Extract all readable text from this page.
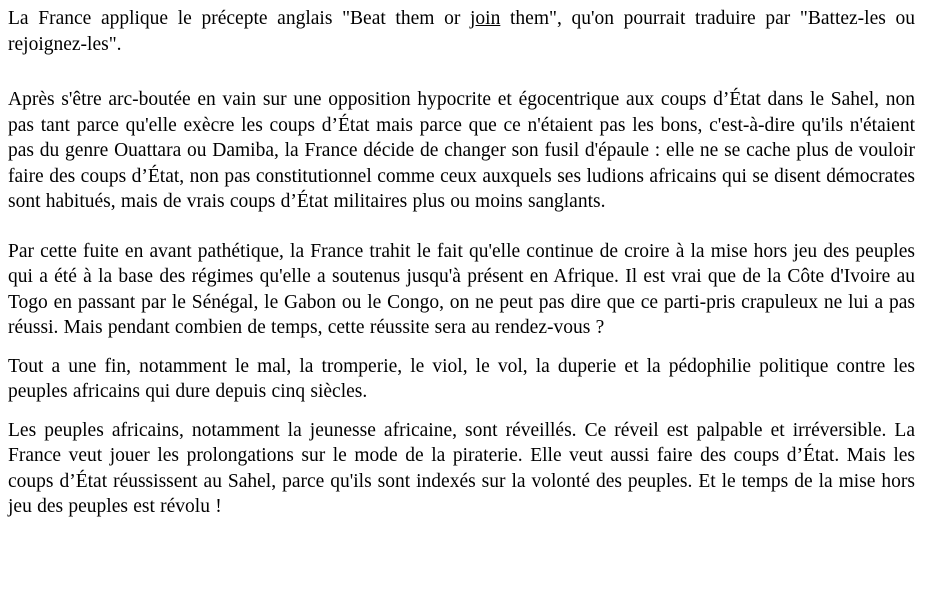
La France applique le précepte anglais "Beat them or join them", qu'on pourrait traduire par "Battez-les ou rejoignez-les".

Après s'être arc-boutée en vain sur une opposition hypocrite et égocentrique aux coups d’État dans le Sahel, non pas tant parce qu'elle exècre les coups d’État mais parce que ce n'étaient pas les bons, c'est-à-dire qu'ils n'étaient pas du genre Ouattara ou Damiba, la France décide de changer son fusil d'épaule : elle ne se cache plus de vouloir faire des coups d’État, non pas constitutionnel comme ceux auxquels ses ludions africains qui se disent démocrates sont habitués, mais de vrais coups d’État militaires plus ou moins sanglants.

Par cette fuite en avant pathétique, la France trahit le fait qu'elle continue de croire à la mise hors jeu des peuples qui a été à la base des régimes qu'elle a soutenus jusqu'à présent en Afrique. Il est vrai que de la Côte d'Ivoire au Togo en passant par le Sénégal, le Gabon ou le Congo, on ne peut pas dire que ce parti-pris crapuleux ne lui a pas réussi. Mais pendant combien de temps, cette réussite sera au rendez-vous ?

Tout a une fin, notamment le mal, la tromperie, le viol, le vol, la duperie et la pédophilie politique contre les peuples africains qui dure depuis cinq siècles.

Les peuples africains, notamment la jeunesse africaine, sont réveillés. Ce réveil est palpable et irréversible. La France veut jouer les prolongations sur le mode de la piraterie. Elle veut aussi faire des coups d’État. Mais les coups d’État réussissent au Sahel, parce qu'ils sont indexés sur la volonté des peuples. Et le temps de la mise hors jeu des peuples est révolu !
